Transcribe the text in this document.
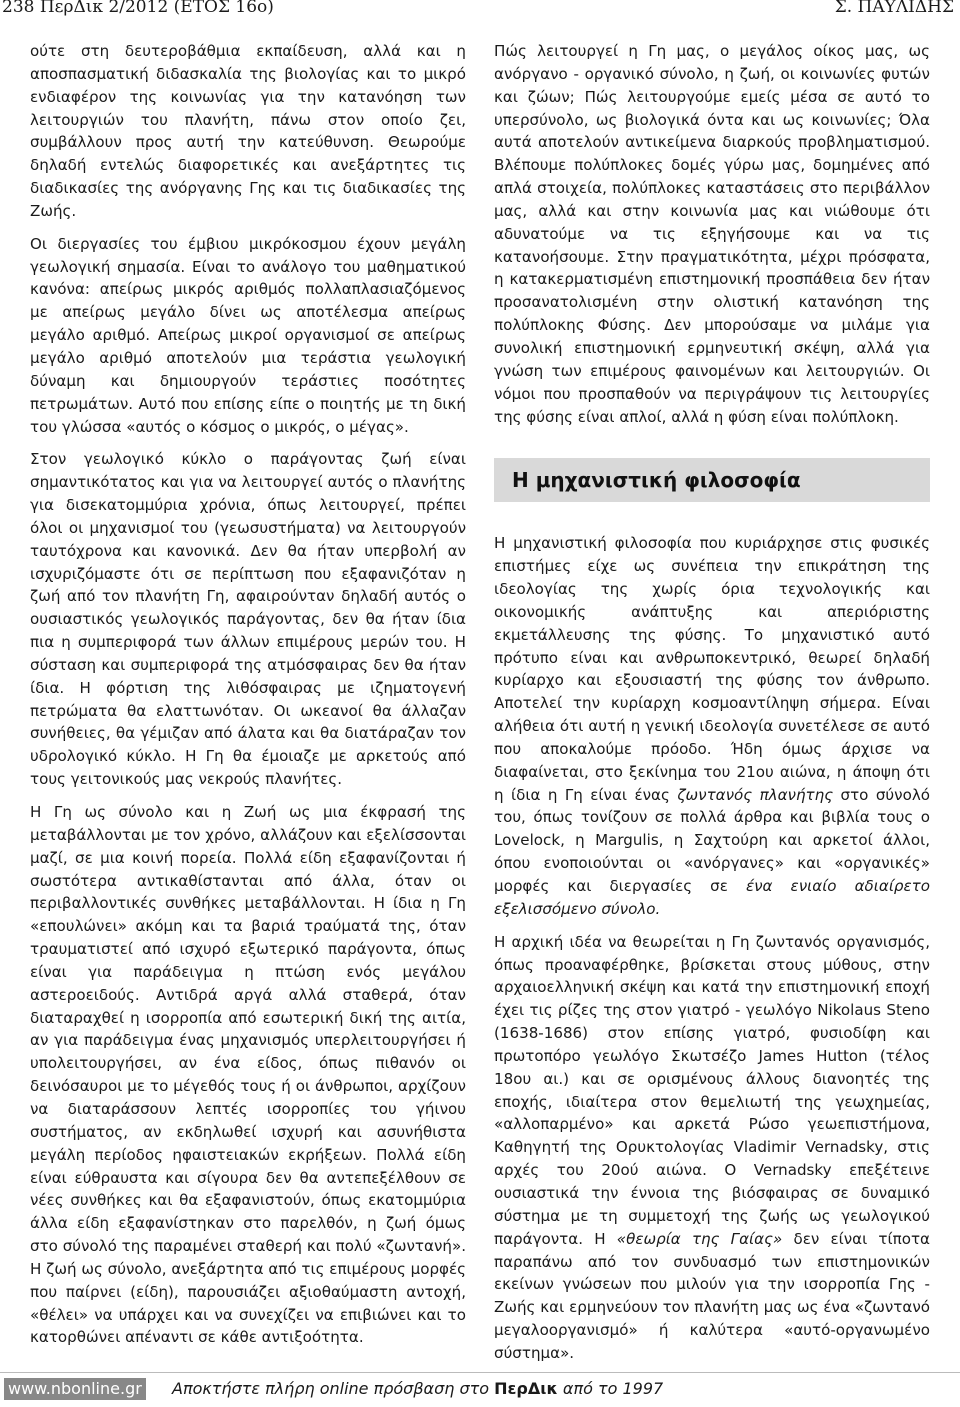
238 ΠερΔικ 2/2012 (ΕΤΟΣ 16ο)	Σ. ΠΑΥΛΙΔΗΣ

ούτε στη δευτεροβάθμια εκπαίδευση, αλλά και η αποσπασματική διδασκαλία της βιολογίας και το μικρό ενδιαφέρον της κοινωνίας για την κατανόηση των λειτουργιών του πλανήτη, πάνω στον οποίο ζει, συμβάλλουν προς αυτή την κατεύθυνση. Θεωρούμε δηλαδή εντελώς διαφορετικές και ανεξάρτητες τις διαδικασίες της ανόργανης Γης και τις διαδικασίες της Ζωής.

Οι διεργασίες του έμβιου μικρόκοσμου έχουν μεγάλη γεωλογική σημασία. Είναι το ανάλογο του μαθηματικού κανόνα: απείρως μικρός αριθμός πολλαπλασιαζόμενος με απείρως μεγάλο δίνει ως αποτέλεσμα απείρως μεγάλο αριθμό. Απείρως μικροί οργανισμοί σε απείρως μεγάλο αριθμό αποτελούν μια τεράστια γεωλογική δύναμη και δημιουργούν τεράστιες ποσότητες πετρωμάτων. Αυτό που επίσης είπε ο ποιητής με τη δική του γλώσσα «αυτός ο κόσμος ο μικρός, ο μέγας».

Στον γεωλογικό κύκλο ο παράγοντας ζωή είναι σημαντικότατος και για να λειτουργεί αυτός ο πλανήτης για δισεκατομμύρια χρόνια, όπως λειτουργεί, πρέπει όλοι οι μηχανισμοί του (γεωσυστήματα) να λειτουργούν ταυτόχρονα και κανονικά. Δεν θα ήταν υπερβολή αν ισχυριζόμαστε ότι σε περίπτωση που εξαφανιζόταν η ζωή από τον πλανήτη Γη, αφαιρούνταν δηλαδή αυτός ο ουσιαστικός γεωλογικός παράγοντας, δεν θα ήταν ίδια πια η συμπεριφορά των άλλων επιμέρους μερών του. Η σύσταση και συμπεριφορά της ατμόσφαιρας δεν θα ήταν ίδια. Η φόρτιση της λιθόσφαιρας με ιζηματογενή πετρώματα θα ελαττωνόταν. Οι ωκεανοί θα άλλαζαν συνήθειες, θα γέμιζαν από άλατα και θα διατάραζαν τον υδρολογικό κύκλο. Η Γη θα έμοιαζε με αρκετούς από τους γειτονικούς μας νεκρούς πλανήτες.

Η Γη ως σύνολο και η Ζωή ως μια έκφρασή της μεταβάλλονται με τον χρόνο, αλλάζουν και εξελίσσονται μαζί, σε μια κοινή πορεία. Πολλά είδη εξαφανίζονται ή σωστότερα αντικαθίστανται από άλλα, όταν οι περιβαλλοντικές συνθήκες μεταβάλλονται. Η ίδια η Γη «επουλώνει» ακόμη και τα βαριά τραύματά της, όταν τραυματιστεί από ισχυρό εξωτερικό παράγοντα, όπως είναι για παράδειγμα η πτώση ενός μεγάλου αστεροειδούς. Αντιδρά αργά αλλά σταθερά, όταν διαταραχθεί η ισορροπία από εσωτερική δική της αιτία, αν για παράδειγμα ένας μηχανισμός υπερλειτουργήσει ή υπολειτουργήσει, αν ένα είδος, όπως πιθανόν οι δεινόσαυροι με το μέγεθός τους ή οι άνθρωποι, αρχίζουν να διαταράσσουν λεπτές ισορροπίες του γήινου συστήματος, αν εκδηλωθεί ισχυρή και ασυνήθιστα μεγάλη περίοδος ηφαιστειακών εκρήξεων. Πολλά είδη είναι εύθραυστα και σίγουρα δεν θα αντεπεξέλθουν σε νέες συνθήκες και θα εξαφανιστούν, όπως εκατομμύρια άλλα είδη εξαφανίστηκαν στο παρελθόν, η ζωή όμως στο σύνολό της παραμένει σταθερή και πολύ «ζωντανή». Η ζωή ως σύνολο, ανεξάρτητα από τις επιμέρους μορφές που παίρνει (είδη), παρουσιάζει αξιοθαύμαστη αντοχή, «θέλει» να υπάρχει και να συνεχίζει να επιβιώνει και το κατορθώνει απέναντι σε κάθε αντιξοότητα.

Πώς λειτουργεί η Γη μας, ο μεγάλος οίκος μας, ως ανόργανο - οργανικό σύνολο, η ζωή, οι κοινωνίες φυτών και ζώων; Πώς λειτουργούμε εμείς μέσα σε αυτό το υπερσύνολο, ως βιολογικά όντα και ως κοινωνίες; Όλα αυτά αποτελούν αντικείμενα διαρκούς προβληματισμού. Βλέπουμε πολύπλοκες δομές γύρω μας, δομημένες από απλά στοιχεία, πολύπλοκες καταστάσεις στο περιβάλλον μας, αλλά και στην κοινωνία μας και νιώθουμε ότι αδυνατούμε να τις εξηγήσουμε και να τις κατανοήσουμε. Στην πραγματικότητα, μέχρι πρόσφατα, η κατακερματισμένη επιστημονική προσπάθεια δεν ήταν προσανατολισμένη στην ολιστική κατανόηση της πολύπλοκης Φύσης. Δεν μπορούσαμε να μιλάμε για συνολική επιστημονική ερμηνευτική σκέψη, αλλά για γνώση των επιμέρους φαινομένων και λειτουργιών. Οι νόμοι που προσπαθούν να περιγράψουν τις λειτουργίες της φύσης είναι απλοί, αλλά η φύση είναι πολύπλοκη.

Η μηχανιστική φιλοσοφία

Η μηχανιστική φιλοσοφία που κυριάρχησε στις φυσικές επιστήμες είχε ως συνέπεια την επικράτηση της ιδεολογίας της χωρίς όρια τεχνολογικής και οικονομικής ανάπτυξης και απεριόριστης εκμετάλλευσης της φύσης. Το μηχανιστικό αυτό πρότυπο είναι και ανθρωποκεντρικό, θεωρεί δηλαδή κυρίαρχο και εξουσιαστή της φύσης τον άνθρωπο. Αποτελεί την κυρίαρχη κοσμοαντίληψη σήμερα. Είναι αλήθεια ότι αυτή η γενική ιδεολογία συνετέλεσε σε αυτό που αποκαλούμε πρόοδο. Ήδη όμως άρχισε να διαφαίνεται, στο ξεκίνημα του 21ου αιώνα, η άποψη ότι η ίδια η Γη είναι ένας ζωντανός πλανήτης στο σύνολό του, όπως τονίζουν σε πολλά άρθρα και βιβλία τους ο Lovelock, η Margulis, η Σαχτούρη και αρκετοί άλλοι, όπου ενοποιούνται οι «ανόργανες» και «οργανικές» μορφές και διεργασίες σε ένα ενιαίο αδιαίρετο εξελισσόμενο σύνολο.

Η αρχική ιδέα να θεωρείται η Γη ζωντανός οργανισμός, όπως προαναφέρθηκε, βρίσκεται στους μύθους, στην αρχαιοελληνική σκέψη και κατά την επιστημονική εποχή έχει τις ρίζες της στον γιατρό - γεωλόγο Nikolaus Steno (1638-1686) στον επίσης γιατρό, φυσιοδίφη και πρωτοπόρο γεωλόγο Σκωτσέζο James Hutton (τέλος 18ου αι.) και σε ορισμένους άλλους διανοητές της εποχής, ιδιαίτερα στον θεμελιωτή της γεωχημείας, «αλλοπαρμένο» και αρκετά Ρώσο γεωεπιστήμονα, Καθηγητή της Ορυκτολογίας Vladimir Vernadsky, στις αρχές του 20ού αιώνα. Ο Vernadsky επεξέτεινε ουσιαστικά την έννοια της βιόσφαιρας σε δυναμικό σύστημα με τη συμμετοχή της ζωής ως γεωλογικού παράγοντα. Η «θεωρία της Γαίας» δεν είναι τίποτα παραπάνω από τον συνδυασμό των επιστημονικών εκείνων γνώσεων που μιλούν για την ισορροπία Γης - Ζωής και ερμηνεύουν τον πλανήτη μας ως ένα «ζωντανό μεγαλοοργανισμό» ή καλύτερα «αυτό-οργανωμένο σύστημα».

www.nbonline.gr Αποκτήστε πλήρη online πρόσβαση στο ΠερΔικ από το 1997
